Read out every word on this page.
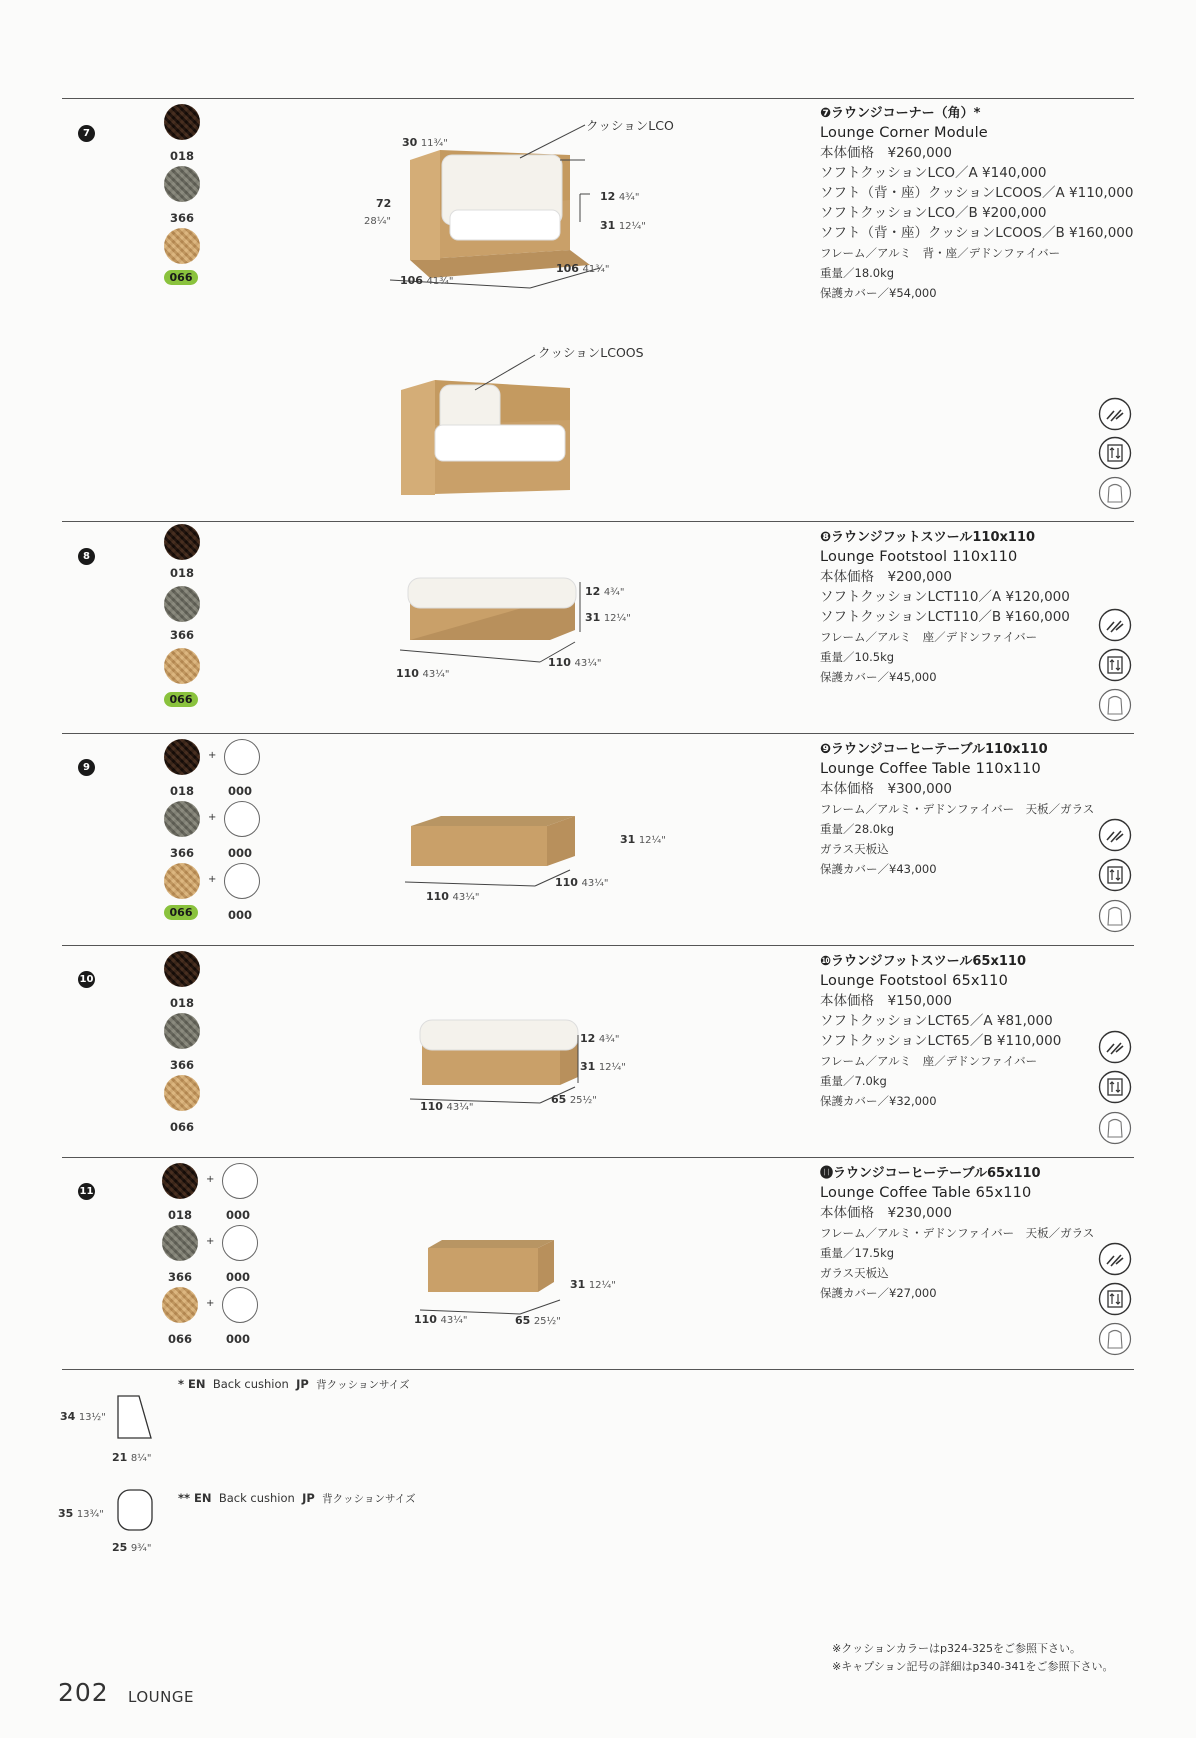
7
018
366
066
クッションLCO
30 11¾"
72
28¼"
12 4¾"
31 12¼"
106 41¾"
106 41¾"
クッションLCOOS
❼ラウンジコーナー（角）*
Lounge Corner Module
本体価格　¥260,000
ソフトクッションLCO／A ¥140,000
ソフト（背・座）クッションLCOOS／A ¥110,000
ソフトクッションLCO／B ¥200,000
ソフト（背・座）クッションLCOOS／B ¥160,000
フレーム／アルミ　背・座／デドンファイバー
重量／18.0kg
保護カバー／¥54,000
8
018
366
066
12 4¾"
31 12¼"
110 43¼"
110 43¼"
❽ラウンジフットスツール110x110
Lounge Footstool 110x110
本体価格　¥200,000
ソフトクッションLCT110／A ¥120,000
ソフトクッションLCT110／B ¥160,000
フレーム／アルミ　座／デドンファイバー
重量／10.5kg
保護カバー／¥45,000
9
+
018	000
+
366	000
+
066	000
31 12¼"
110 43¼"
110 43¼"
❾ラウンジコーヒーテーブル110x110
Lounge Coffee Table 110x110
本体価格　¥300,000
フレーム／アルミ・デドンファイバー　天板／ガラス
重量／28.0kg
ガラス天板込
保護カバー／¥43,000
10
018
366
066
12 4¾"
31 12¼"
110 43¼"
65 25½"
❿ラウンジフットスツール65x110
Lounge Footstool 65x110
本体価格　¥150,000
ソフトクッションLCT65／A ¥81,000
ソフトクッションLCT65／B ¥110,000
フレーム／アルミ　座／デドンファイバー
重量／7.0kg
保護カバー／¥32,000
11
+
018	000
+
366	000
+
066	000
31 12¼"
110 43¼"	65 25½"
⓫ラウンジコーヒーテーブル65x110
Lounge Coffee Table 65x110
本体価格　¥230,000
フレーム／アルミ・デドンファイバー　天板／ガラス
重量／17.5kg
ガラス天板込
保護カバー／¥27,000
34 13½"
21 8¼"
* EN Back cushion JP 背クッションサイズ
35 13¾"
25 9¾"
** EN Back cushion JP 背クッションサイズ
※クッションカラーはp324-325をご参照下さい。
※キャプション記号の詳細はp340-341をご参照下さい。
202 LOUNGE
